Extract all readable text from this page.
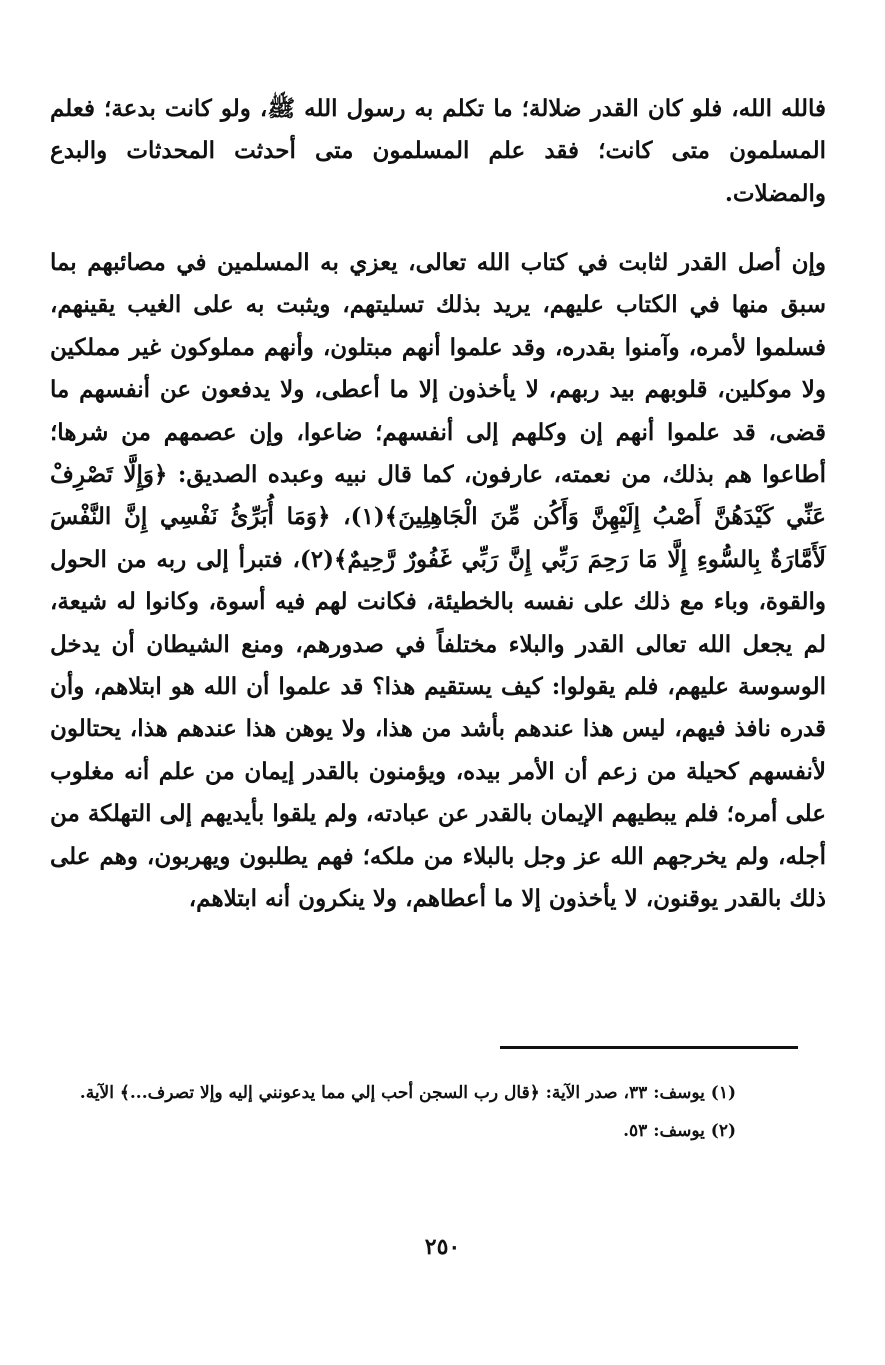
فالله الله، فلو كان القدر ضلالة؛ ما تكلم به رسول الله ﷺ، ولو كانت بدعة؛ فعلم المسلمون متى كانت؛ فقد علم المسلمون متى أحدثت المحدثات والبدع والمضلات.

وإن أصل القدر لثابت في كتاب الله تعالى، يعزي به المسلمين في مصائبهم بما سبق منها في الكتاب عليهم، يريد بذلك تسليتهم، ويثبت به على الغيب يقينهم، فسلموا لأمره، وآمنوا بقدره، وقد علموا أنهم مبتلون، وأنهم مملوكون غير مملكين ولا موكلين، قلوبهم بيد ربهم، لا يأخذون إلا ما أعطى، ولا يدفعون عن أنفسهم ما قضى، قد علموا أنهم إن وكلهم إلى أنفسهم؛ ضاعوا، وإن عصمهم من شرها؛ أطاعوا هم بذلك، من نعمته، عارفون، كما قال نبيه وعبده الصديق: ﴿وَإِلَّا تَصْرِفْ عَنِّي كَيْدَهُنَّ أَصْبُ إِلَيْهِنَّ وَأَكُن مِّنَ الْجَاهِلِينَ﴾(١)، ﴿وَمَا أُبَرِّئُ نَفْسِي إِنَّ النَّفْسَ لَأَمَّارَةٌ بِالسُّوءِ إِلَّا مَا رَحِمَ رَبِّي إِنَّ رَبِّي غَفُورٌ رَّحِيمٌ﴾(٢)، فتبرأ إلى ربه من الحول والقوة، وباء مع ذلك على نفسه بالخطيئة، فكانت لهم فيه أسوة، وكانوا له شيعة، لم يجعل الله تعالى القدر والبلاء مختلفاً في صدورهم، ومنع الشيطان أن يدخل الوسوسة عليهم، فلم يقولوا: كيف يستقيم هذا؟ قد علموا أن الله هو ابتلاهم، وأن قدره نافذ فيهم، ليس هذا عندهم بأشد من هذا، ولا يوهن هذا عندهم هذا، يحتالون لأنفسهم كحيلة من زعم أن الأمر بيده، ويؤمنون بالقدر إيمان من علم أنه مغلوب على أمره؛ فلم يبطيهم الإيمان بالقدر عن عبادته، ولم يلقوا بأيديهم إلى التهلكة من أجله، ولم يخرجهم الله عز وجل بالبلاء من ملكه؛ فهم يطلبون ويهربون، وهم على ذلك بالقدر يوقنون، لا يأخذون إلا ما أعطاهم، ولا ينكرون أنه ابتلاهم،

(١) يوسف: ٣٣، صدر الآية: ﴿قال رب السجن أحب إلي مما يدعونني إليه وإلا تصرف...﴾ الآية.

(٢) يوسف: ٥٣.

٢٥٠
